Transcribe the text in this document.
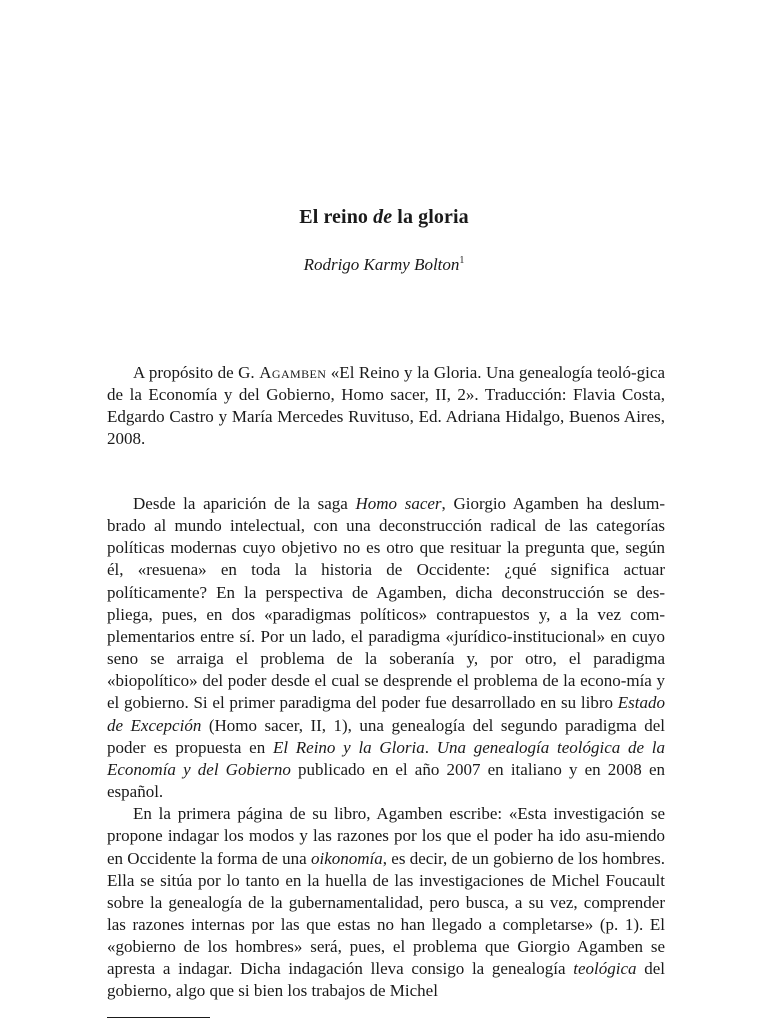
El reino de la gloria
Rodrigo Karmy Bolton$^1$

A propósito de G. Agamben «El Reino y la Gloria. Una genealogía teoló-gica de la Economía y del Gobierno, Homo sacer, II, 2». Traducción: Flavia Costa, Edgardo Castro y María Mercedes Ruvituso, Ed. Adriana Hidalgo, Buenos Aires, 2008.

Desde la aparición de la saga Homo sacer, Giorgio Agamben ha deslum-brado al mundo intelectual, con una deconstrucción radical de las categorías políticas modernas cuyo objetivo no es otro que resituar la pregunta que, según él, «resuena» en toda la historia de Occidente: ¿qué significa actuar políticamente? En la perspectiva de Agamben, dicha deconstrucción se des-pliega, pues, en dos «paradigmas políticos» contrapuestos y, a la vez com-plementarios entre sí. Por un lado, el paradigma «jurídico-institucional» en cuyo seno se arraiga el problema de la soberanía y, por otro, el paradigma «biopolítico» del poder desde el cual se desprende el problema de la econo-mía y el gobierno. Si el primer paradigma del poder fue desarrollado en su libro Estado de Excepción (Homo sacer, II, 1), una genealogía del segundo paradigma del poder es propuesta en El Reino y la Gloria. Una genealogía teológica de la Economía y del Gobierno publicado en el año 2007 en italiano y en 2008 en español.

En la primera página de su libro, Agamben escribe: «Esta investigación se propone indagar los modos y las razones por los que el poder ha ido asu-miendo en Occidente la forma de una oikonomía, es decir, de un gobierno de los hombres. Ella se sitúa por lo tanto en la huella de las investigaciones de Michel Foucault sobre la genealogía de la gubernamentalidad, pero busca, a su vez, comprender las razones internas por las que estas no han llegado a completarse» (p. 1). El «gobierno de los hombres» será, pues, el problema que Giorgio Agamben se apresta a indagar. Dicha indagación lleva consigo la genealogía teológica del gobierno, algo que si bien los trabajos de Michel
